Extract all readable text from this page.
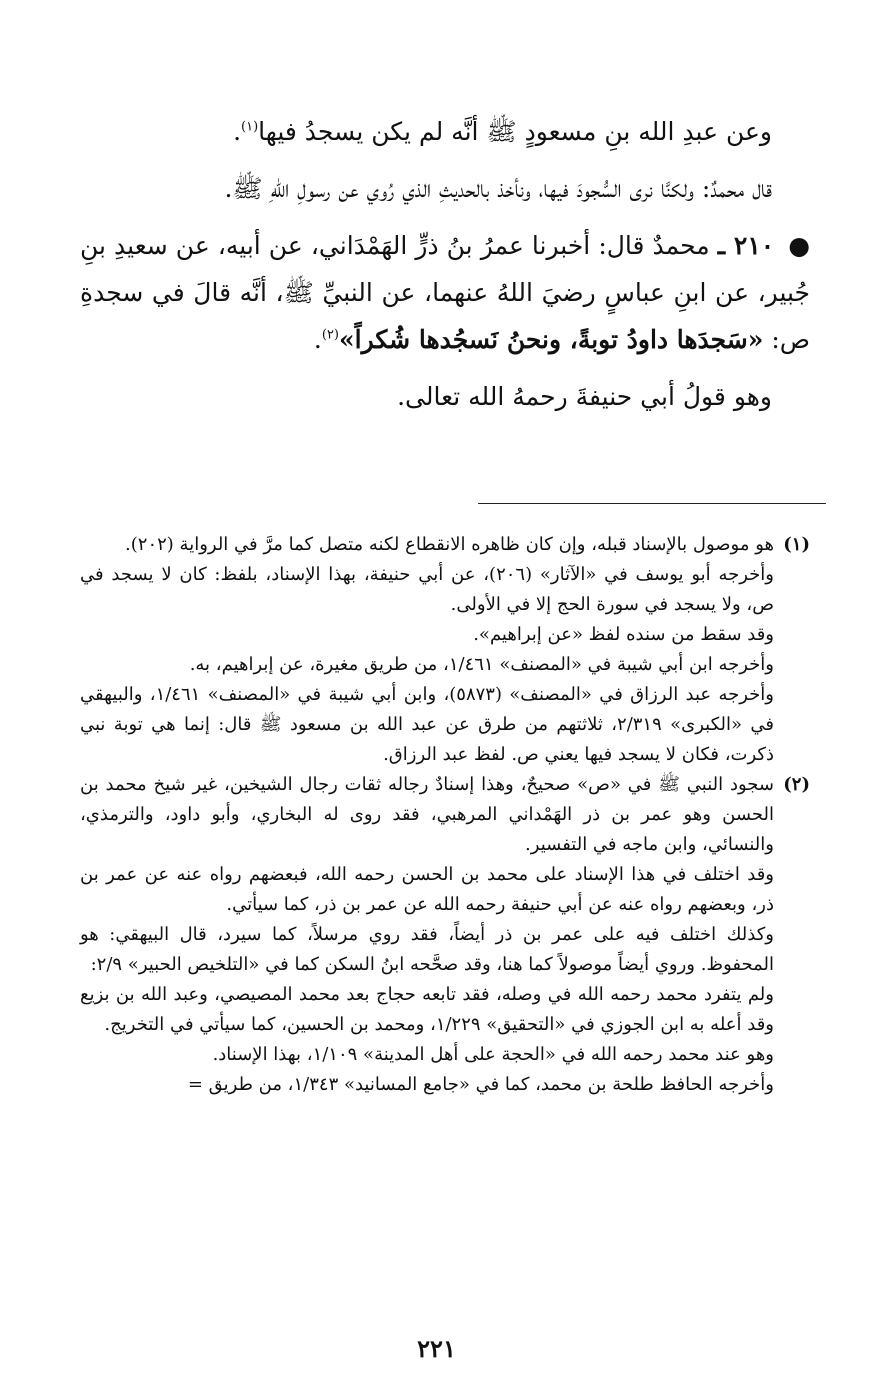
وعن عبدِ الله بنِ مسعودٍ ﷺ أنَّه لم يكن يسجدُ فيها$^{(١)}$.

قال محمدٌ: ولكنَّا نرى السُّجودَ فيها، ونأخذ بالحديثِ الذي رُوي عن رسولِ اللهِ ﷺ.

●٢١٠ ـ محمدٌ قال: أخبرنا عمرُ بنُ ذرٍّ الهَمْدَاني، عن أبيه، عن سعيدِ بنِ جُبير، عن ابنِ عباسٍ رضيَ اللهُ عنهما، عن النبيِّ ﷺ، أنَّه قالَ في سجدةِ ص: «سَجدَها داودُ توبةً، ونحنُ نَسجُدها شُكراً»$^{(٢)}$.

وهو قولُ أبي حنيفةَ رحمهُ الله تعالى.

(١)
هو موصول بالإسناد قبله، وإن كان ظاهره الانقطاع لكنه متصل كما مرَّ في الرواية (٢٠٢).

وأخرجه أبو يوسف في «الآثار» (٢٠٦)، عن أبي حنيفة، بهذا الإسناد، بلفظ: كان لا يسجد في ص، ولا يسجد في سورة الحج إلا في الأولى.

وقد سقط من سنده لفظ «عن إبراهيم».

وأخرجه ابن أبي شيبة في «المصنف» ١/٤٦١، من طريق مغيرة، عن إبراهيم، به.

وأخرجه عبد الرزاق في «المصنف» (٥٨٧٣)، وابن أبي شيبة في «المصنف» ١/٤٦١، والبيهقي في «الكبرى» ٢/٣١٩، ثلاثتهم من طرق عن عبد الله بن مسعود ﷺ قال: إنما هي توبة نبي ذكرت، فكان لا يسجد فيها يعني ص. لفظ عبد الرزاق.

(٢)
سجود النبي ﷺ في «ص» صحيحٌ، وهذا إسنادٌ رجاله ثقات رجال الشيخين، غير شيخ محمد بن الحسن وهو عمر بن ذر الهَمْداني المرهبي، فقد روى له البخاري، وأبو داود، والترمذي، والنسائي، وابن ماجه في التفسير.

وقد اختلف في هذا الإسناد على محمد بن الحسن رحمه الله، فبعضهم رواه عنه عن عمر بن ذر، وبعضهم رواه عنه عن أبي حنيفة رحمه الله عن عمر بن ذر، كما سيأتي.

وكذلك اختلف فيه على عمر بن ذر أيضاً، فقد روي مرسلاً، كما سيرد، قال البيهقي: هو المحفوظ. وروي أيضاً موصولاً كما هنا، وقد صحَّحه ابنُ السكن كما في «التلخيص الحبير» ٢/٩:

ولم يتفرد محمد رحمه الله في وصله، فقد تابعه حجاج بعد محمد المصيصي، وعبد الله بن بزيع وقد أعله به ابن الجوزي في «التحقيق» ١/٢٢٩، ومحمد بن الحسين، كما سيأتي في التخريج.

وهو عند محمد رحمه الله في «الحجة على أهل المدينة» ١/١٠٩، بهذا الإسناد.

وأخرجه الحافظ طلحة بن محمد، كما في «جامع المسانيد» ١/٣٤٣، من طريق =

٢٢١
